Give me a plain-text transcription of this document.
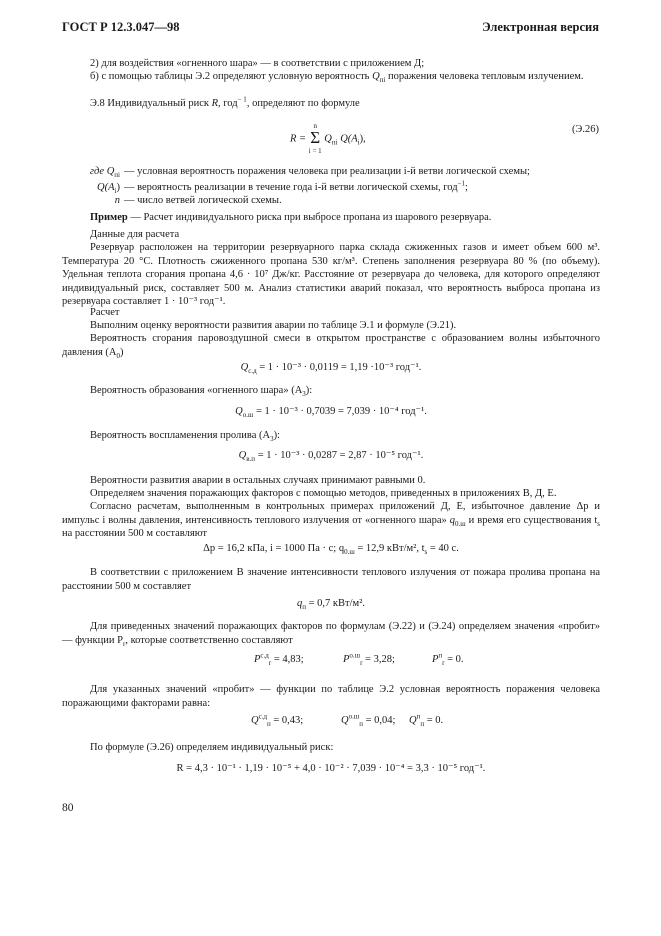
ГОСТ Р 12.3.047—98	Электронная версия

2) для воздействия «огненного шара» — в соответствии с приложением Д;

б) с помощью таблицы Э.2 определяют условную вероятность $Q_{пi}$ поражения человека тепловым излучением.

Э.8 Индивидуальный риск R, год$^{- 1}$, определяют по формуле

R =
n
Σ
i = 1
$Q_{пi}$ $Q(A_i)$,
(Э.26)
где $Q_{пi}$ — условная вероятность поражения человека при реализации i-й ветви логической схемы;
$Q(A_i)$ — вероятность реализации в течение года i-й ветви логической схемы, год$^{-1}$;
n — число ветвей логической схемы.

Пример — Расчет индивидуального риска при выбросе пропана из шарового резервуара.

Данные для расчета

Резервуар расположен на территории резервуарного парка склада сжиженных газов и имеет объем 600 м³. Температура 20 °С. Плотность сжиженного пропана 530 кг/м³. Степень заполнения резервуара 80 % (по объему). Удельная теплота сгорания пропана 4,6 · 10⁷ Дж/кг. Расстояние от резервуара до человека, для которого определяют индивидуальный риск, составляет 500 м. Анализ статистики аварий показал, что вероятность выброса пропана из резервуара составляет 1 · 10⁻³ год⁻¹.

Расчет

Выполним оценку вероятности развития аварии по таблице Э.1 и формуле (Э.21).

Вероятность сгорания паровоздушной смеси в открытом пространстве с образованием волны избыточного давления $(A_0)$

$Q_{с.д} = 1 \cdot 10^{-3} \cdot 0,0119 = 1,19 \cdot 10^{-3}$ год⁻¹.

Вероятность образования «огненного шара» $(A_3)$:

$Q_{о.ш} = 1 \cdot 10^{-3} \cdot 0,7039 = 7,039 \cdot 10^{-4}$ год⁻¹.

Вероятность воспламенения пролива $(A_3)$:

$Q_{в.п} = 1 \cdot 10^{-3} \cdot 0,0287 = 2,87 \cdot 10^{-5}$ год⁻¹.

Вероятности развития аварии в остальных случаях принимают равными 0.

Определяем значения поражающих факторов с помощью методов, приведенных в приложениях В, Д, Е.

Согласно расчетам, выполненным в контрольных примерах приложений Д, Е, избыточное давление Δp и импульс i волны давления, интенсивность теплового излучения от «огненного шара» $q_{0.ш}$ и время его существования $t_s$ на расстоянии 500 м составляют

Δp = 16,2 кПа, i = 1000 Па · с; $q_{0.ш} = 12,9$ кВт/м², $t_s = 40$ с.

В соответствии с приложением В значение интенсивности теплового излучения от пожара пролива пропана на расстоянии 500 м составляет

$q_п = 0,7$ кВт/м².

Для приведенных значений поражающих факторов по формулам (Э.22) и (Э.24) определяем значения «пробит» — функции $P_r$, которые соответственно составляют

$P^{с.д}_r = 4,83$;	$P^{о.ш}_r = 3,28$;	$P^п_r = 0$.

Для указанных значений «пробит» — функции по таблице Э.2 условная вероятность поражения человека поражающими факторами равна:

$Q^{с.д}_п = 0,43$;	$Q^{о.ш}_п = 0,04$; $Q^п_п = 0$.

По формуле (Э.26) определяем индивидуальный риск:

R = 4,3 · 10⁻¹ · 1,19 · 10⁻⁵ + 4,0 · 10⁻² · 7,039 · 10⁻⁴ = 3,3 · 10⁻⁵ год⁻¹.
80
